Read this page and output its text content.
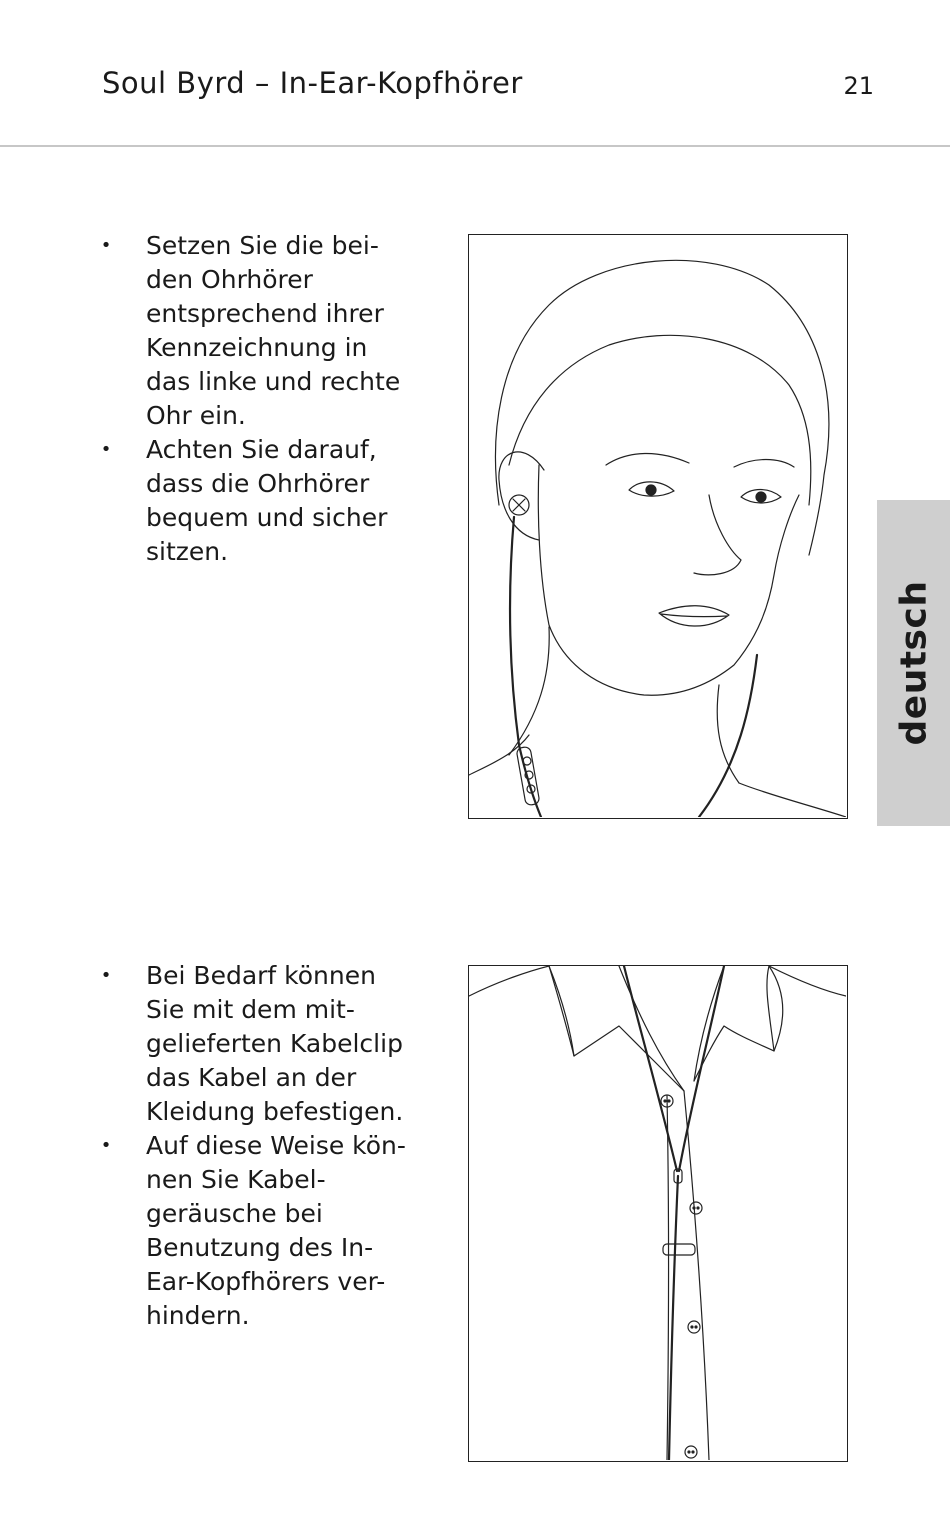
Soul Byrd – In-Ear-Kopfhörer	21
• Setzen Sie die bei-
den Ohrhörer
entsprechend ihrer
Kennzeichnung in
das linke und rechte
Ohr ein.
• Achten Sie darauf,
dass die Ohrhörer
bequem und sicher
sitzen.
• Bei Bedarf können
Sie mit dem mit-
gelieferten Kabelclip
das Kabel an der
Kleidung befestigen.
• Auf diese Weise kön-
nen Sie Kabel-
geräusche bei
Benutzung des In-
Ear-Kopfhörers ver-
hindern.
deutsch
